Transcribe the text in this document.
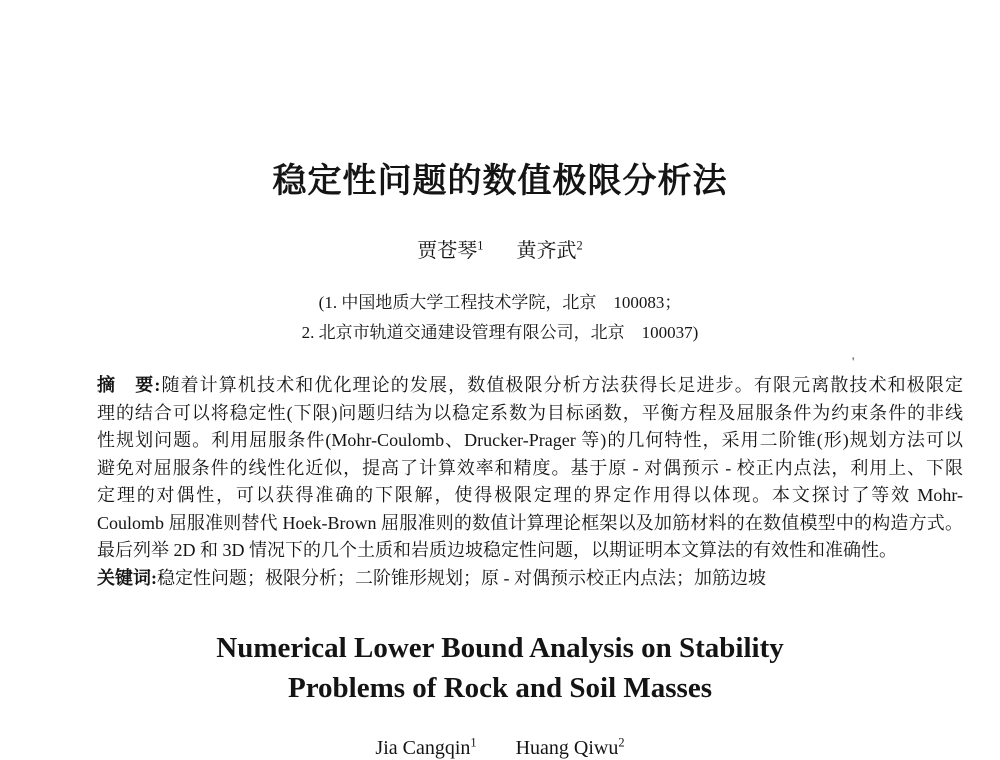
稳定性问题的数值极限分析法
贾苍琴$^1$ 黄齐武$^2$
(1. 中国地质大学工程技术学院，北京　100083；
2. 北京市轨道交通建设管理有限公司，北京　100037)
摘　要:随着计算机技术和优化理论的发展，数值极限分析方法获得长足进步。有限元离散技术和极限定
理的结合可以将稳定性(下限)问题归结为以稳定系数为目标函数，平衡方程及屈服条件为约束条件的非线
性规划问题。利用屈服条件(Mohr-Coulomb、Drucker-Prager 等)的几何特性，采用二阶锥(形)规划方法可以
避免对屈服条件的线性化近似，提高了计算效率和精度。基于原 - 对偶预示 - 校正内点法，利用上、下限
定理的对偶性，可以获得准确的下限解，使得极限定理的界定作用得以体现。本文探讨了等效 Mohr-
Coulomb 屈服准则替代 Hoek-Brown 屈服准则的数值计算理论框架以及加筋材料的在数值模型中的构造方式。
最后列举 2D 和 3D 情况下的几个土质和岩质边坡稳定性问题，以期证明本文算法的有效性和准确性。
关键词:稳定性问题；极限分析；二阶锥形规划；原 - 对偶预示校正内点法；加筋边坡
Numerical Lower Bound Analysis on Stability
Problems of Rock and Soil Masses
Jia Cangqin$^1$ Huang Qiwu$^2$
'
